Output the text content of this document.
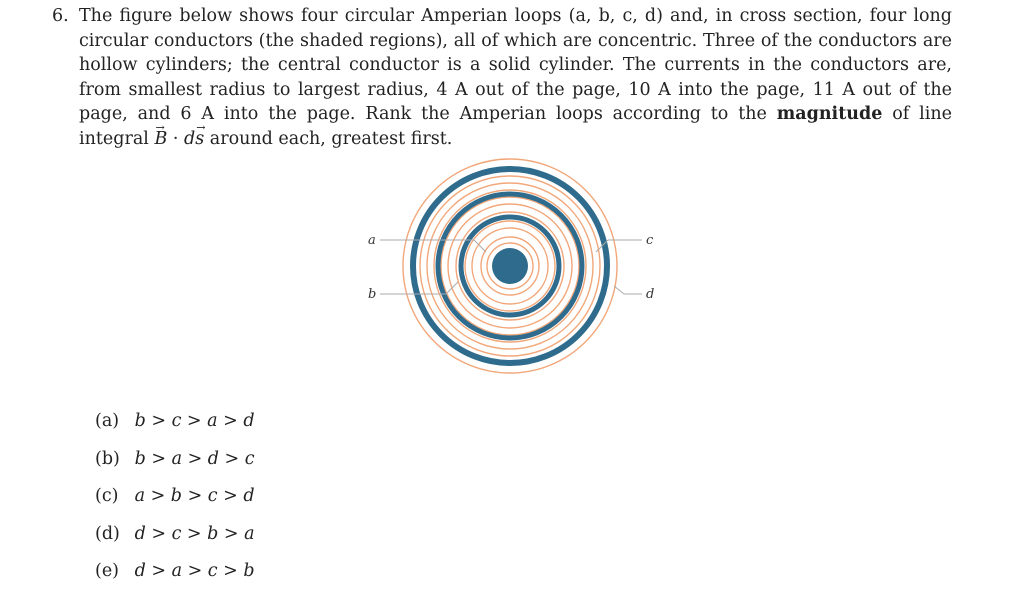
6. The figure below shows four circular Amperian loops (a, b, c, d) and, in cross section, four long circular conductors (the shaded regions), all of which are concentric. Three of the conductors are hollow cylinders; the central conductor is a solid cylinder. The currents in the conductors are, from smallest radius to largest radius, 4 A out of the page, 10 A into the page, 11 A out of the page, and 6 A into the page. Rank the Amperian loops according to the magnitude of line integral → B · d→ s around each, greatest first.
a
b
c
d
(a) b > c > a > d
(b) b > a > d > c
(c) a > b > c > d
(d) d > c > b > a
(e) d > a > c > b
